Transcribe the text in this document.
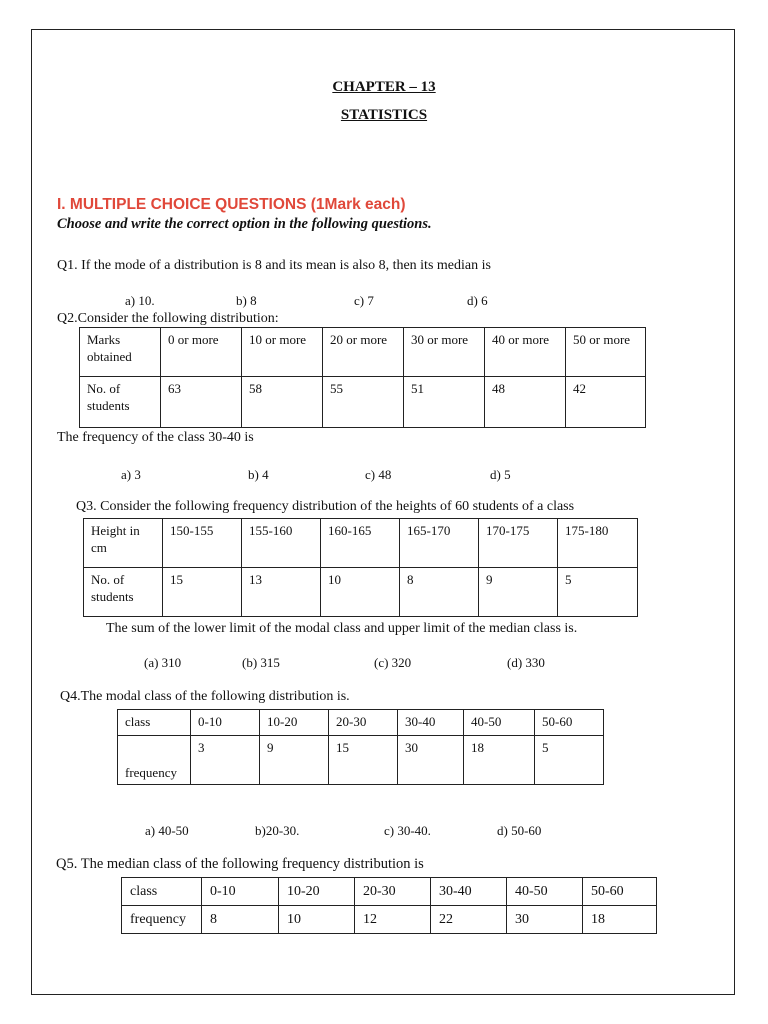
CHAPTER – 13
STATISTICS
I. MULTIPLE CHOICE QUESTIONS (1Mark each)
Choose and write the correct option in the following questions.
Q1. If the mode of a distribution is 8 and its mean is also 8, then its median is
a) 10.	b) 8	c) 7	d) 6
Q2.Consider the following distribution:
Marks obtained	0 or more	10 or more	20 or more	30 or more	40 or more	50 or more
No. of students	63	58	55	51	48	42
The frequency of the class 30-40 is
a) 3	b) 4	c) 48	d) 5
Q3. Consider the following frequency distribution of the heights of 60 students of a class
Height in cm	150-155	155-160	160-165	165-170	170-175	175-180
No. of students	15	13	10	8	9	5
The sum of the lower limit of the modal class and upper limit of the median class is.
(a) 310	(b) 315	(c) 320	(d) 330
Q4.The modal class of the following distribution is.
class	0-10	10-20	20-30	30-40	40-50	50-60
frequency	3	9	15	30	18	5
a) 40-50	b)20-30.	c) 30-40.	d) 50-60
Q5. The median class of the following frequency distribution is
class	0-10	10-20	20-30	30-40	40-50	50-60
frequency	8	10	12	22	30	18
